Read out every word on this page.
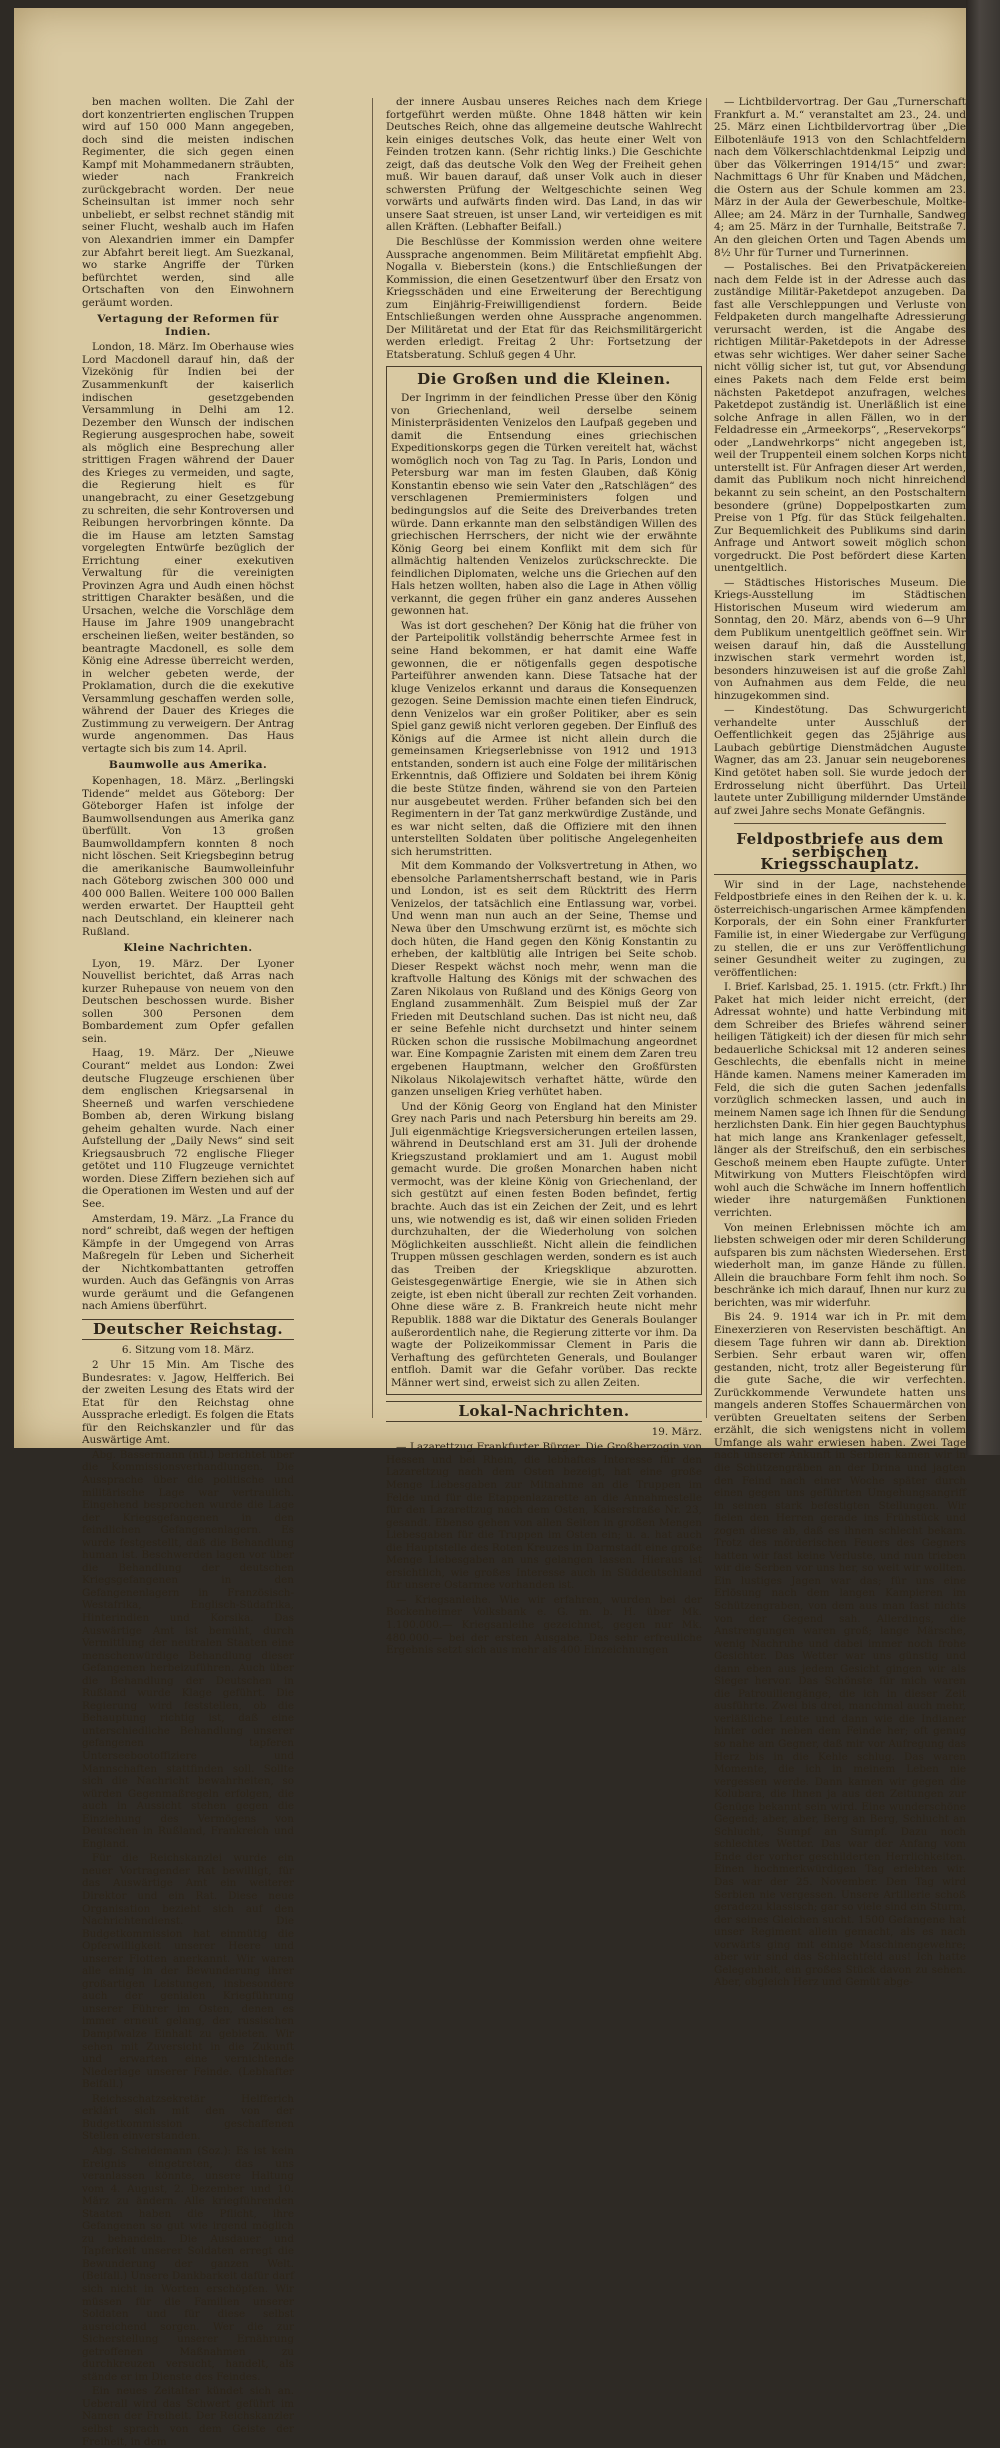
ben machen wollten. Die Zahl der dort konzentrierten englischen Truppen wird auf 150 000 Mann angegeben, doch sind die meisten indischen Regimenter, die sich gegen einen Kampf mit Mohammedanern sträubten, wieder nach Frankreich zurückgebracht worden. Der neue Scheinsultan ist immer noch sehr unbeliebt, er selbst rechnet ständig mit seiner Flucht, weshalb auch im Hafen von Alexandrien immer ein Dampfer zur Abfahrt bereit liegt. Am Suezkanal, wo starke Angriffe der Türken befürchtet werden, sind alle Ortschaften von den Einwohnern geräumt worden.

Vertagung der Reformen für Indien.

London, 18. März. Im Oberhause wies Lord Macdonell darauf hin, daß der Vizekönig für Indien bei der Zusammenkunft der kaiserlich indischen gesetzgebenden Versammlung in Delhi am 12. Dezember den Wunsch der indischen Regierung ausgesprochen habe, soweit als möglich eine Besprechung aller strittigen Fragen während der Dauer des Krieges zu vermeiden, und sagte, die Regierung hielt es für unangebracht, zu einer Gesetzgebung zu schreiten, die sehr Kontroversen und Reibungen hervorbringen könnte. Da die im Hause am letzten Samstag vorgelegten Entwürfe bezüglich der Errichtung einer exekutiven Verwaltung für die vereinigten Provinzen Agra und Audh einen höchst strittigen Charakter besäßen, und die Ursachen, welche die Vorschläge dem Hause im Jahre 1909 unangebracht erscheinen ließen, weiter beständen, so beantragte Macdonell, es solle dem König eine Adresse überreicht werden, in welcher gebeten werde, der Proklamation, durch die die exekutive Versammlung geschaffen werden solle, während der Dauer des Krieges die Zustimmung zu verweigern. Der Antrag wurde angenommen. Das Haus vertagte sich bis zum 14. April.

Baumwolle aus Amerika.

Kopenhagen, 18. März. „Berlingski Tidende“ meldet aus Göteborg: Der Göteborger Hafen ist infolge der Baumwollsendungen aus Amerika ganz überfüllt. Von 13 großen Baumwolldampfern konnten 8 noch nicht löschen. Seit Kriegsbeginn betrug die amerikanische Baumwolleinfuhr nach Göteborg zwischen 300 000 und 400 000 Ballen. Weitere 100 000 Ballen werden erwartet. Der Hauptteil geht nach Deutschland, ein kleinerer nach Rußland.

Kleine Nachrichten.

Lyon, 19. März. Der Lyoner Nouvellist berichtet, daß Arras nach kurzer Ruhepause von neuem von den Deutschen beschossen wurde. Bisher sollen 300 Personen dem Bombardement zum Opfer gefallen sein.

Haag, 19. März. Der „Nieuwe Courant“ meldet aus London: Zwei deutsche Flugzeuge erschienen über dem englischen Kriegsarsenal in Sheerneß und warfen verschiedene Bomben ab, deren Wirkung bislang geheim gehalten wurde. Nach einer Aufstellung der „Daily News“ sind seit Kriegsausbruch 72 englische Flieger getötet und 110 Flugzeuge vernichtet worden. Diese Ziffern beziehen sich auf die Operationen im Westen und auf der See.

Amsterdam, 19. März. „La France du nord“ schreibt, daß wegen der heftigen Kämpfe in der Umgegend von Arras Maßregeln für Leben und Sicherheit der Nichtkombattanten getroffen wurden. Auch das Gefängnis von Arras wurde geräumt und die Gefangenen nach Amiens überführt.

Deutscher Reichstag.
6. Sitzung vom 18. März.

2 Uhr 15 Min. Am Tische des Bundesrates: v. Jagow, Helfferich. Bei der zweiten Lesung des Etats wird der Etat für den Reichstag ohne Aussprache erledigt. Es folgen die Etats für den Reichskanzler und für das Auswärtige Amt.

Abg. Bassermann (ntl.) berichtet über die Kommissionsverhandlungen. Die Aussprache über die politische und militärische Lage war vertraulich. Eingehend besprochen wurde die Lage der Kriegsgefangenen in den feindlichen Gefangenenlagern. Es wurde festgestellt, daß die Behandlung human ist. Beschwerden lagen vor über die Behandlung der deutschen Kriegsgefangenen in den Gefangenenlagern in Französisch-Westafrika, Englisch-Südafrika, Hinterindien und Korsika. Das Auswärtige Amt ist bemüht, durch Vermittlung der neutralen Staaten eine menschenwürdige Behandlung dieser Gefangenen herbeizuführen. Auch über die Behandlung der Deutschen in Rußland wurde Klage geführt. Die Regierung wird feststellen, ob die Behauptung richtig ist, daß eine unterschiedliche Behandlung unserer gefangenen tapferen Unterseebootoffiziere und Mannschaften stattfinden soll. Sollte sich die Nachricht bewahrheiten, so würden Gegenmaßregeln erfolgen, die auch in Aussicht stehen gegen die Einziehung des Vermögens von Deutschen in Rußland, Frankreich und England.

Für die Reichskanzlei wurde ein neuer Vortragender Rat bewilligt, für das Auswärtige Amt ein weiterer Direktor und ein Rat. Diese neue Organisation bezieht sich auf den Nachrichtendienst. Die Budgetkommission hat einmütig die Opferwilligkeit unserer Heere und unserer Flotten anerkannt. Wir waren alle einig in der Bewunderung ihrer großartigen Leistungen, insbesondere auch der genialen Kriegführung unserer Führer im Osten, denen es immer erneut gelang, der russischen Dampfwalze Einhalt zu gebieten. Wir sehen mit Zuversicht in die Zukunft und erwarten eine vernichtende Niederlage unserer Feinde. (Lebhafter Beifall.)

Reichsschatzsekretär Helfferich erklärt sich mit den von der Budgetkommission geschaffenen Stellen einverstanden.

Abg. Scheidemann (Soz.): Es ist kein Ereignis eingetreten, das uns veranlassen könnte, unsere Haltung vom 4. August, 2. Dezember und 10. März zu ändern. Alle kriegführenden Staaten haben die Pflicht, ihre Gefangenen so gut wie irgend möglich zu behandeln. Die Ausdauer und Tapferkeit unserer Soldaten erregt die Bewunderung der ganzen Welt. (Beifall.) Unsere Dankbarkeit dafür darf sich nicht in Worten erschöpfen. Wir müssen für die Familien unserer Soldaten und für diese selbst ausreichend sorgen. Wer die zur Sicherstellung unserer Ernährung getroffenen Maßnahmen zu durchkreuzen versucht, handelt, als stände er im Dienste des Feindes.

Ein neues Zeitalter kündet sich an. Ueberall wird das Schwert geführt im Namen der Freiheit. Der Reichskanzler selbst sprach von dem Geiste der Freiheit, in dem

der innere Ausbau unseres Reiches nach dem Kriege fortgeführt werden müßte. Ohne 1848 hätten wir kein Deutsches Reich, ohne das allgemeine deutsche Wahlrecht kein einiges deutsches Volk, das heute einer Welt von Feinden trotzen kann. (Sehr richtig links.) Die Geschichte zeigt, daß das deutsche Volk den Weg der Freiheit gehen muß. Wir bauen darauf, daß unser Volk auch in dieser schwersten Prüfung der Weltgeschichte seinen Weg vorwärts und aufwärts finden wird. Das Land, in das wir unsere Saat streuen, ist unser Land, wir verteidigen es mit allen Kräften. (Lebhafter Beifall.)

Die Beschlüsse der Kommission werden ohne weitere Aussprache angenommen. Beim Militäretat empfiehlt Abg. Nogalla v. Bieberstein (kons.) die Entschließungen der Kommission, die einen Gesetzentwurf über den Ersatz von Kriegsschäden und eine Erweiterung der Berechtigung zum Einjährig-Freiwilligendienst fordern. Beide Entschließungen werden ohne Aussprache angenommen. Der Militäretat und der Etat für das Reichsmilitärgericht werden erledigt. Freitag 2 Uhr: Fortsetzung der Etatsberatung. Schluß gegen 4 Uhr.

Die Großen und die Kleinen.

Der Ingrimm in der feindlichen Presse über den König von Griechenland, weil derselbe seinem Ministerpräsidenten Venizelos den Laufpaß gegeben und damit die Entsendung eines griechischen Expeditionskorps gegen die Türken vereitelt hat, wächst womöglich noch von Tag zu Tag. In Paris, London und Petersburg war man im festen Glauben, daß König Konstantin ebenso wie sein Vater den „Ratschlägen“ des verschlagenen Premierministers folgen und bedingungslos auf die Seite des Dreiverbandes treten würde. Dann erkannte man den selbständigen Willen des griechischen Herrschers, der nicht wie der erwähnte König Georg bei einem Konflikt mit dem sich für allmächtig haltenden Venizelos zurückschreckte. Die feindlichen Diplomaten, welche uns die Griechen auf den Hals hetzen wollten, haben also die Lage in Athen völlig verkannt, die gegen früher ein ganz anderes Aussehen gewonnen hat.

Was ist dort geschehen? Der König hat die früher von der Parteipolitik vollständig beherrschte Armee fest in seine Hand bekommen, er hat damit eine Waffe gewonnen, die er nötigenfalls gegen despotische Parteiführer anwenden kann. Diese Tatsache hat der kluge Venizelos erkannt und daraus die Konsequenzen gezogen. Seine Demission machte einen tiefen Eindruck, denn Venizelos war ein großer Politiker, aber es sein Spiel ganz gewiß nicht verloren gegeben. Der Einfluß des Königs auf die Armee ist nicht allein durch die gemeinsamen Kriegserlebnisse von 1912 und 1913 entstanden, sondern ist auch eine Folge der militärischen Erkenntnis, daß Offiziere und Soldaten bei ihrem König die beste Stütze finden, während sie von den Parteien nur ausgebeutet werden. Früher befanden sich bei den Regimentern in der Tat ganz merkwürdige Zustände, und es war nicht selten, daß die Offiziere mit den ihnen unterstellten Soldaten über politische Angelegenheiten sich herumstritten.

Mit dem Kommando der Volksvertretung in Athen, wo ebensolche Parlamentsherrschaft bestand, wie in Paris und London, ist es seit dem Rücktritt des Herrn Venizelos, der tatsächlich eine Entlassung war, vorbei. Und wenn man nun auch an der Seine, Themse und Newa über den Umschwung erzürnt ist, es möchte sich doch hüten, die Hand gegen den König Konstantin zu erheben, der kaltblütig alle Intrigen bei Seite schob. Dieser Respekt wächst noch mehr, wenn man die kraftvolle Haltung des Königs mit der schwachen des Zaren Nikolaus von Rußland und des Königs Georg von England zusammenhält. Zum Beispiel muß der Zar Frieden mit Deutschland suchen. Das ist nicht neu, daß er seine Befehle nicht durchsetzt und hinter seinem Rücken schon die russische Mobilmachung angeordnet war. Eine Kompagnie Zaristen mit einem dem Zaren treu ergebenen Hauptmann, welcher den Großfürsten Nikolaus Nikolajewitsch verhaftet hätte, würde den ganzen unseligen Krieg verhütet haben.

Und der König Georg von England hat den Minister Grey nach Paris und nach Petersburg hin bereits am 29. Juli eigenmächtige Kriegsversicherungen erteilen lassen, während in Deutschland erst am 31. Juli der drohende Kriegszustand proklamiert und am 1. August mobil gemacht wurde. Die großen Monarchen haben nicht vermocht, was der kleine König von Griechenland, der sich gestützt auf einen festen Boden befindet, fertig brachte. Auch das ist ein Zeichen der Zeit, und es lehrt uns, wie notwendig es ist, daß wir einen soliden Frieden durchzuhalten, der die Wiederholung von solchen Möglichkeiten ausschließt. Nicht allein die feindlichen Truppen müssen geschlagen werden, sondern es ist auch das Treiben der Kriegsklique abzurotten. Geistesgegenwärtige Energie, wie sie in Athen sich zeigte, ist eben nicht überall zur rechten Zeit vorhanden. Ohne diese wäre z. B. Frankreich heute nicht mehr Republik. 1888 war die Diktatur des Generals Boulanger außerordentlich nahe, die Regierung zitterte vor ihm. Da wagte der Polizeikommissar Clement in Paris die Verhaftung des gefürchteten Generals, und Boulanger entfloh. Damit war die Gefahr vorüber. Das reckte Männer wert sind, erweist sich zu allen Zeiten.

Lokal-Nachrichten.
19. März.

— Lazarettzug Frankfurter Bürger. Die Großherzogin von Hessen und bei Rhein, die lebhaftes Interesse für den Lazarettzug nach dem Osten bezeigt, hat eine große Menge Liebesgaben zur Mitnahme an die Truppen im Felde und für die Etappenlazarette an die Annahmestelle für den Lazarettzug nach dem Osten, Kaiserstraße Nr. 23, gesandt. Ebenso gehen von allen Seiten in großen Mengen Liebesgaben für die Truppen im Osten ein; u. a. hat auch die Hauptstelle des Roten Kreuzes in Darmstadt eine große Menge Liebesgaben an uns gelangen lassen. Hieraus ist ersichtlich, wie großes Interesse auch in Süddeutschland für unsere Ostarmee vorhanden ist.

— Kriegsanleihe. Wie wir erfahren, wurden bei der Bockenheimer Volksbank e. G. m. b. H. über Mk. 1.100.000.— Kriegsanleihe gezeichnet, gegen nur Mk. 480.000.— bei der ersten Ausgabe. Das sehr erfreuliche Ergebnis setzt sich aus mehr als 400 Einzeichnungen

— Lichtbildervortrag. Der Gau „Turnerschaft Frankfurt a. M.“ veranstaltet am 23., 24. und 25. März einen Lichtbildervortrag über „Die Eilbotenläufe 1913 von den Schlachtfeldern nach dem Völkerschlachtdenkmal Leipzig und über das Völkerringen 1914/15“ und zwar: Nachmittags 6 Uhr für Knaben und Mädchen, die Ostern aus der Schule kommen am 23. März in der Aula der Gewerbeschule, Moltke-Allee; am 24. März in der Turnhalle, Sandweg 4; am 25. März in der Turnhalle, Beitstraße 7. An den gleichen Orten und Tagen Abends um 8½ Uhr für Turner und Turnerinnen.

— Postalisches. Bei den Privatpäckereien nach dem Felde ist in der Adresse auch das zuständige Militär-Paketdepot anzugeben. Da fast alle Verschleppungen und Verluste von Feldpaketen durch mangelhafte Adressierung verursacht werden, ist die Angabe des richtigen Militär-Paketdepots in der Adresse etwas sehr wichtiges. Wer daher seiner Sache nicht völlig sicher ist, tut gut, vor Absendung eines Pakets nach dem Felde erst beim nächsten Paketdepot anzufragen, welches Paketdepot zuständig ist. Unerläßlich ist eine solche Anfrage in allen Fällen, wo in der Feldadresse ein „Armeekorps“, „Reservekorps“ oder „Landwehrkorps“ nicht angegeben ist, weil der Truppenteil einem solchen Korps nicht unterstellt ist. Für Anfragen dieser Art werden, damit das Publikum noch nicht hinreichend bekannt zu sein scheint, an den Postschaltern besondere (grüne) Doppelpostkarten zum Preise von 1 Pfg. für das Stück feilgehalten. Zur Bequemlichkeit des Publikums sind darin Anfrage und Antwort soweit möglich schon vorgedruckt. Die Post befördert diese Karten unentgeltlich.

— Städtisches Historisches Museum. Die Kriegs-Ausstellung im Städtischen Historischen Museum wird wiederum am Sonntag, den 20. März, abends von 6—9 Uhr dem Publikum unentgeltlich geöffnet sein. Wir weisen darauf hin, daß die Ausstellung inzwischen stark vermehrt worden ist, besonders hinzuweisen ist auf die große Zahl von Aufnahmen aus dem Felde, die neu hinzugekommen sind.

— Kindestötung. Das Schwurgericht verhandelte unter Ausschluß der Oeffentlichkeit gegen das 25jährige aus Laubach gebürtige Dienstmädchen Auguste Wagner, das am 23. Januar sein neugeborenes Kind getötet haben soll. Sie wurde jedoch der Erdrosselung nicht überführt. Das Urteil lautete unter Zubilligung mildernder Umstände auf zwei Jahre sechs Monate Gefängnis.

Feldpostbriefe aus dem serbischen Kriegsschauplatz.

Wir sind in der Lage, nachstehende Feldpostbriefe eines in den Reihen der k. u. k. österreichisch-ungarischen Armee kämpfenden Korporals, der ein Sohn einer Frankfurter Familie ist, in einer Wiedergabe zur Verfügung zu stellen, die er uns zur Veröffentlichung seiner Gesundheit weiter zu zugingen, zu veröffentlichen:

I. Brief. Karlsbad, 25. 1. 1915. (ctr. Frkft.) Ihr Paket hat mich leider nicht erreicht, (der Adressat wohnte) und hatte Verbindung mit dem Schreiber des Briefes während seiner heiligen Tätigkeit) ich der diesen für mich sehr bedauerliche Schicksal mit 12 anderen seines Geschlechts, die ebenfalls nicht in meine Hände kamen. Namens meiner Kameraden im Feld, die sich die guten Sachen jedenfalls vorzüglich schmecken lassen, und auch in meinem Namen sage ich Ihnen für die Sendung herzlichsten Dank. Ein hier gegen Bauchtyphus hat mich lange ans Krankenlager gefesselt, länger als der Streifschuß, den ein serbisches Geschoß meinem eben Haupte zufügte. Unter Mitwirkung von Mutters Fleischtöpfen wird wohl auch die Schwäche im Innern hoffentlich wieder ihre naturgemäßen Funktionen verrichten.

Von meinen Erlebnissen möchte ich am liebsten schweigen oder mir deren Schilderung aufsparen bis zum nächsten Wiedersehen. Erst wiederholt man, im ganze Hände zu füllen. Allein die brauchbare Form fehlt ihm noch. So beschränke ich mich darauf, Ihnen nur kurz zu berichten, was mir widerfuhr.

Bis 24. 9. 1914 war ich in Pr. mit dem Einexerzieren von Reservisten beschäftigt. An diesem Tage fuhren wir dann ab. Direktion Serbien. Sehr erbaut waren wir, offen gestanden, nicht, trotz aller Begeisterung für die gute Sache, die wir verfechten. Zurückkommende Verwundete hatten uns mangels anderen Stoffes Schauermärchen von verübten Greueltaten seitens der Serben erzählt, die sich wenigstens nicht in vollem Umfange als wahr erwiesen haben. Zwei Tage nach unserer Ankunft in Serbien kamen wir in die Schützengräben an der Drina und jagten den Feind nach einer Woche später durch einen gegen uns geführten Umgehungsangriff in seinen stark befestigten Stellungen. Wir fielen den Herren gerade ins Frühstück und zogen diese ab, daß es ihnen schlecht bekam. Trotz des mörderischen Feuers des Gegners hatten wir fast keine Verluste, und nun trieben wir die Serben vor uns her, so weit wir wollten. Ein lustiges Jagen war das; für uns eine Erlösung nach dem langen Kampieren im Schützengraben, von dem aus man fast nichts von der Gegend sah. Allerdings, die Anstrengungen waren groß; lange Märsche, wenig Nachruhe und dabei immer noch frohe Gesichter. Das Wetter war uns günstig und dann eben aus jedem Gesicht gingen wir als Sieger hervor. Das Schönste für mich waren die Patrouillengänge, die ich in dieser Zeit ausführte. Zwei bis drei, manchmal auch mehr, verläßliche Leute und dann wie die Indianer hinter oder neben dem Feinde her; oft genug so nahe am Gegner, daß mir vor Aufregung das Herz bis in die Kehle schlug. Das waren Momente, die ich in meinem Leben nie vergessen werde. Dann kamen wir gegen die Kolubara, die Ihnen ja aus den Zeitungen zur Genüge bekannt sein wird. Eine wunderschöne Gegend; aber, aber, Berg an Berg, Schlucht an Schlucht, Sumpf an Sumpf. Dazu noch schlechtes Wetter. Das war der Anfang vom Ende der vorher geschilderten Herrlichkeiten. Einen hochmerkwürdigen Tag erlebten wir. Das war der 25. November. Den Tag wird Serbien nie vergessen. Unsere Artillerie schoß geradezu klassisch; gar so viele sind ein Sturm, der seines Gleichen sucht. 1500 Gefangene hat unser Regiment allein gemacht, als es nach vorwärts ging mit einige Maschinengewehre; aber wir sind das Schlachtfeld aus! Ich hatte Gelegenheit, ein großes Stück davon zu sehen. Aber, obgleich Herz und Gemüt abge-
